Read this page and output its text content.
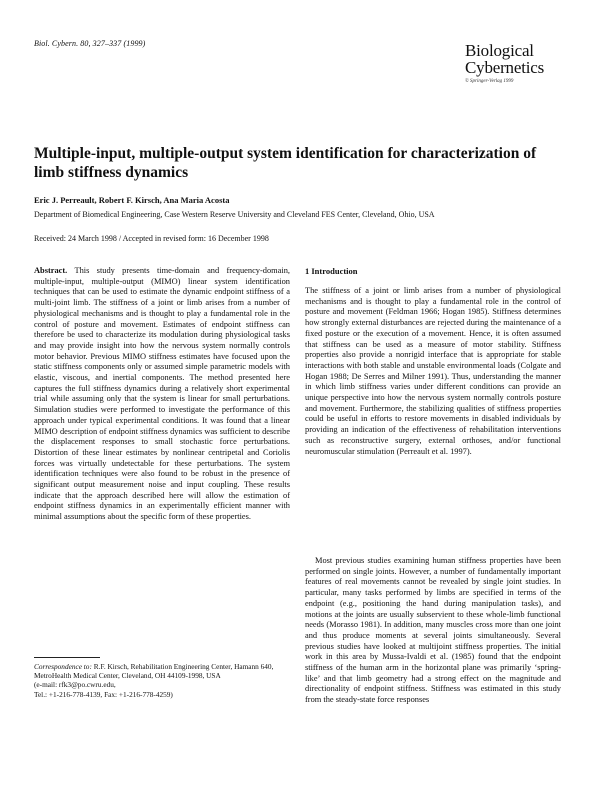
Biol. Cybern. 80, 327–337 (1999)	Biological
Cybernetics
© Springer-Verlag 1999
Multiple-input, multiple-output system identification for characterization of limb stiffness dynamics
Eric J. Perreault, Robert F. Kirsch, Ana Maria Acosta
Department of Biomedical Engineering, Case Western Reserve University and Cleveland FES Center, Cleveland, Ohio, USA
Received: 24 March 1998 / Accepted in revised form: 16 December 1998
Abstract. This study presents time-domain and frequency-domain, multiple-input, multiple-output (MIMO) linear system identification techniques that can be used to estimate the dynamic endpoint stiffness of a multi-joint limb. The stiffness of a joint or limb arises from a number of physiological mechanisms and is thought to play a fundamental role in the control of posture and movement. Estimates of endpoint stiffness can therefore be used to characterize its modulation during physiological tasks and may provide insight into how the nervous system normally controls motor behavior. Previous MIMO stiffness estimates have focused upon the static stiffness components only or assumed simple parametric models with elastic, viscous, and inertial components. The method presented here captures the full stiffness dynamics during a relatively short experimental trial while assuming only that the system is linear for small perturbations. Simulation studies were performed to investigate the performance of this approach under typical experimental conditions. It was found that a linear MIMO description of endpoint stiffness dynamics was sufficient to describe the displacement responses to small stochastic force perturbations. Distortion of these linear estimates by nonlinear centripetal and Coriolis forces was virtually undetectable for these perturbations. The system identification techniques were also found to be robust in the presence of significant output measurement noise and input coupling. These results indicate that the approach described here will allow the estimation of endpoint stiffness dynamics in an experimentally efficient manner with minimal assumptions about the specific form of these properties.
1 Introduction
The stiffness of a joint or limb arises from a number of physiological mechanisms and is thought to play a fundamental role in the control of posture and movement (Feldman 1966; Hogan 1985). Stiffness determines how strongly external disturbances are rejected during the maintenance of a fixed posture or the execution of a movement. Hence, it is often assumed that stiffness can be used as a measure of motor stability. Stiffness properties also provide a nonrigid interface that is appropriate for stable interactions with both stable and unstable environmental loads (Colgate and Hogan 1988; De Serres and Milner 1991). Thus, understanding the manner in which limb stiffness varies under different conditions can provide an unique perspective into how the nervous system normally controls posture and movement. Furthermore, the stabilizing qualities of stiffness properties could be useful in efforts to restore movements in disabled individuals by providing an indication of the effectiveness of rehabilitation interventions such as reconstructive surgery, external orthoses, and/or functional neuromuscular stimulation (Perreault et al. 1997).
Most previous studies examining human stiffness properties have been performed on single joints. However, a number of fundamentally important features of real movements cannot be revealed by single joint studies. In particular, many tasks performed by limbs are specified in terms of the endpoint (e.g., positioning the hand during manipulation tasks), and motions at the joints are usually subservient to these whole-limb functional needs (Morasso 1981). In addition, many muscles cross more than one joint and thus produce moments at several joints simultaneously. Several previous studies have looked at multijoint stiffness properties. The initial work in this area by Mussa-Ivaldi et al. (1985) found that the endpoint stiffness of the human arm in the horizontal plane was primarily ‘spring-like’ and that limb geometry had a strong effect on the magnitude and directionality of endpoint stiffness. Stiffness was estimated in this study from the steady-state force responses
Correspondence to: R.F. Kirsch, Rehabilitation Engineering Center, Hamann 640, MetroHealth Medical Center, Cleveland, OH 44109-1998, USA
(e-mail: rfk3@po.cwru.edu,
Tel.: +1-216-778-4139, Fax: +1-216-778-4259)
